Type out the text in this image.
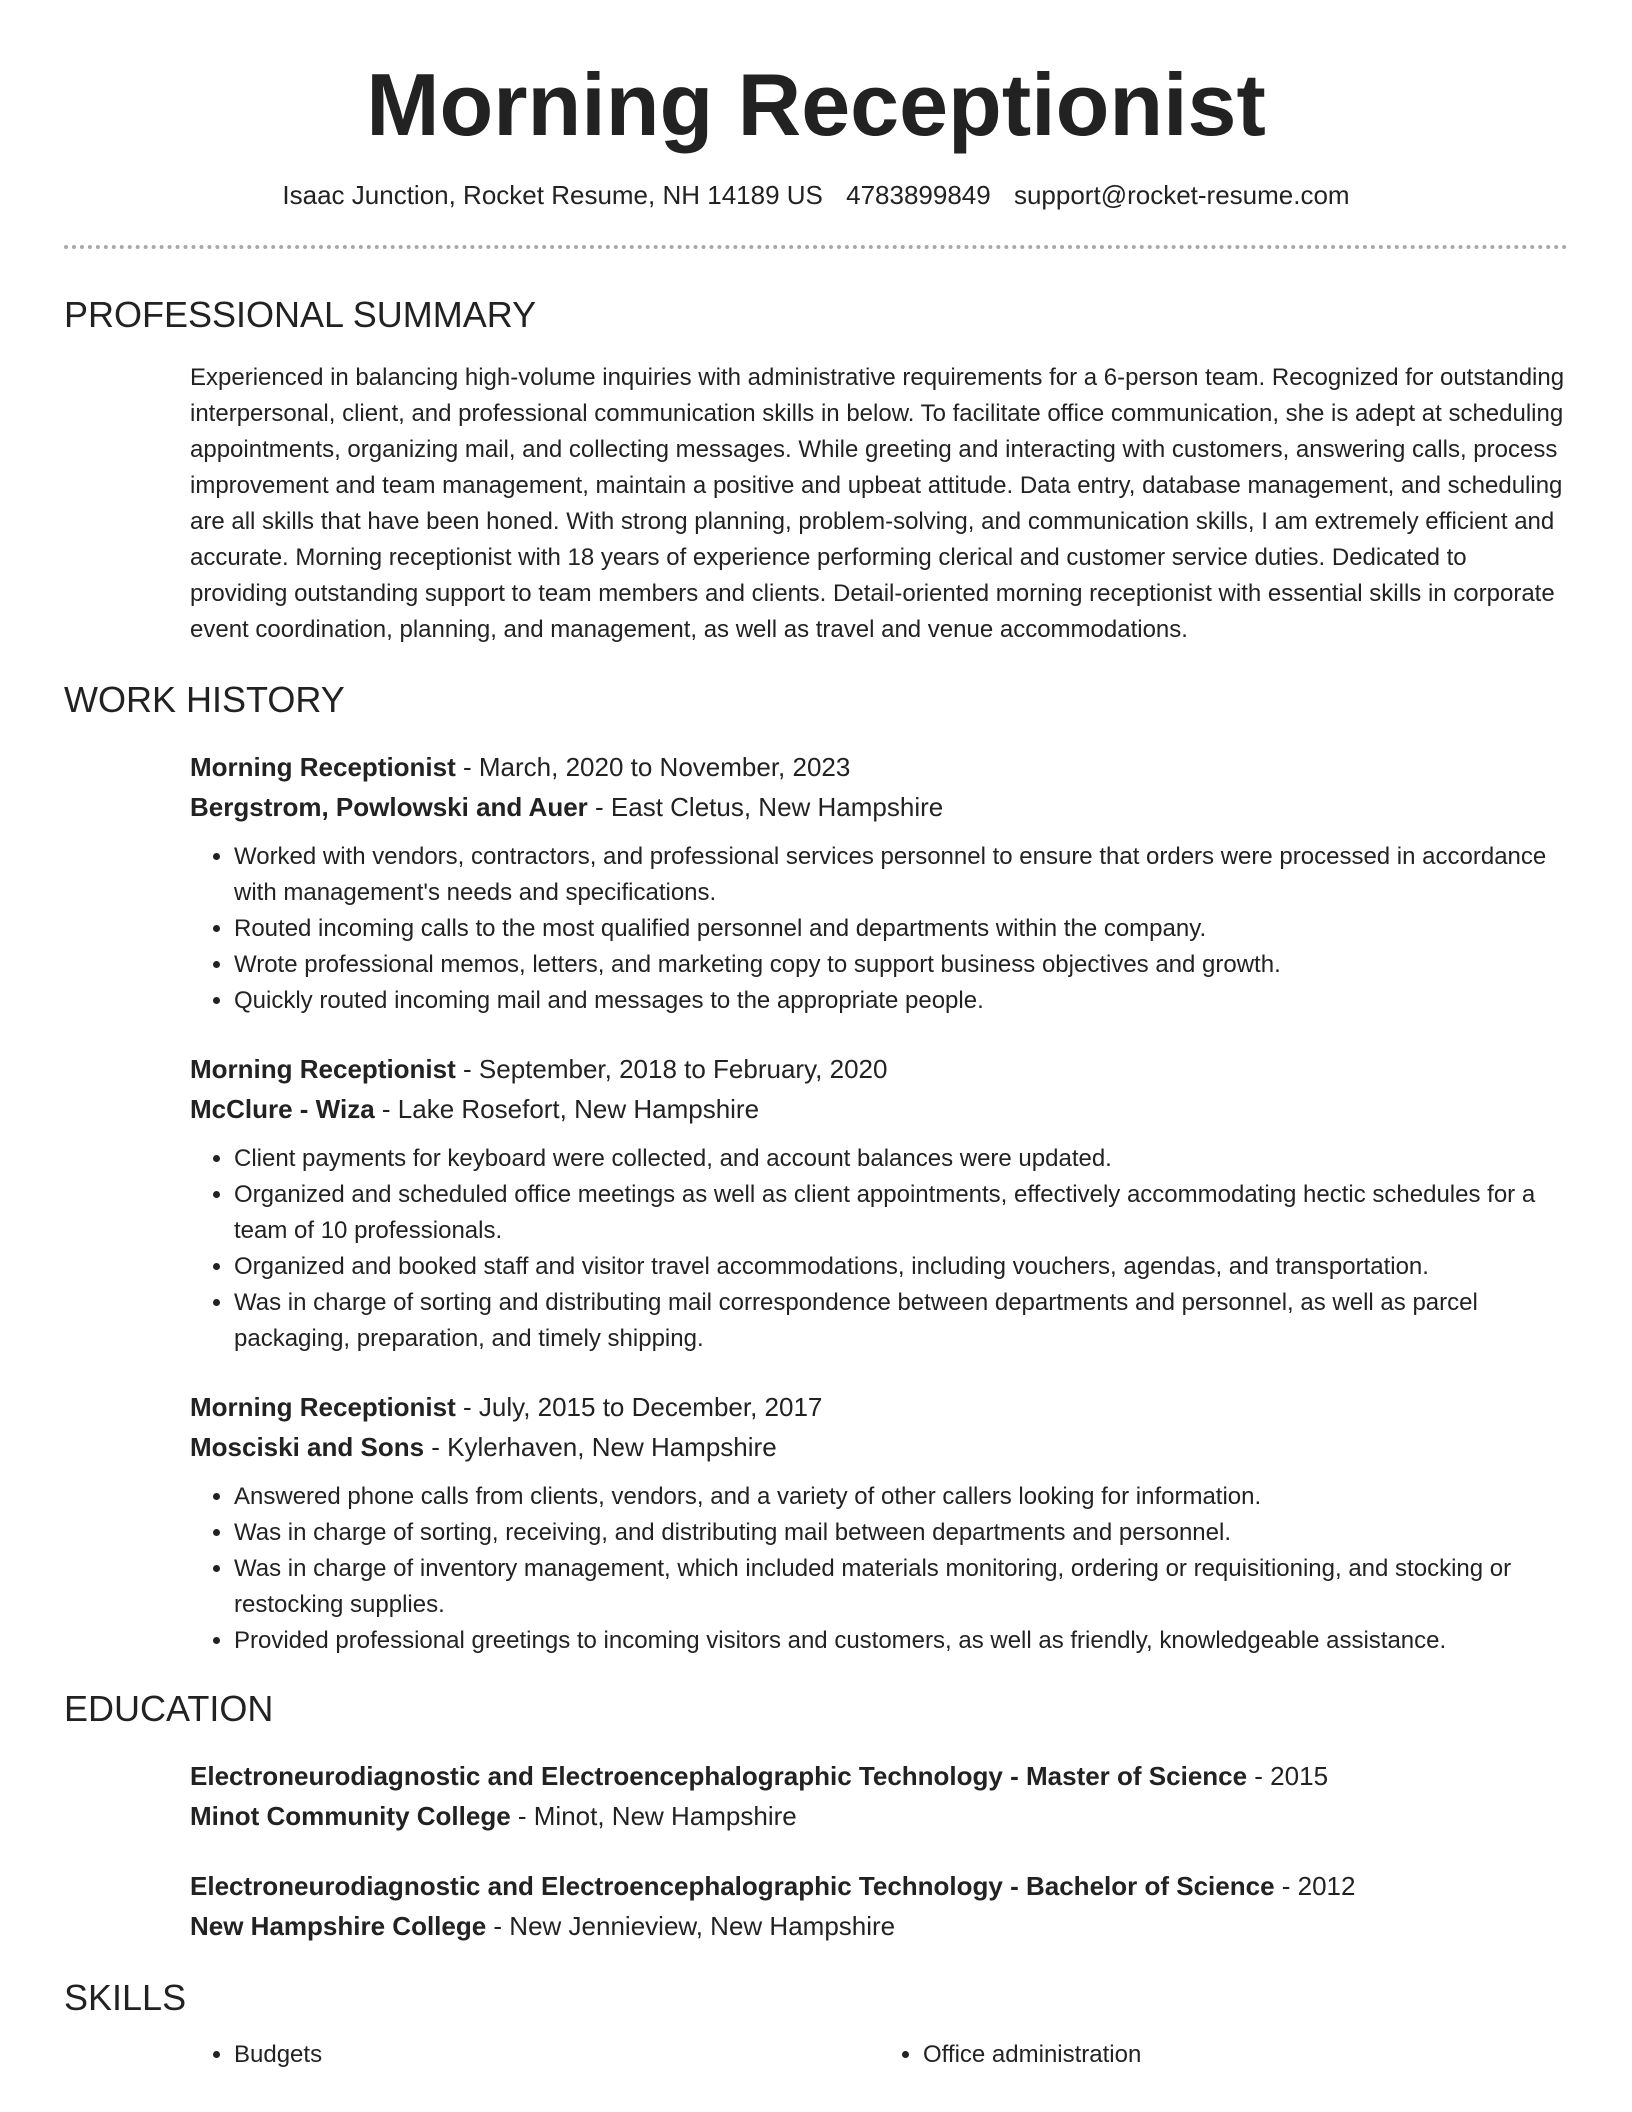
Morning Receptionist
Isaac Junction, Rocket Resume, NH 14189 US 4783899849 support@rocket-resume.com
PROFESSIONAL SUMMARY

Experienced in balancing high-volume inquiries with administrative requirements for a 6-person team. Recognized for outstanding interpersonal, client, and professional communication skills in below. To facilitate office communication, she is adept at scheduling appointments, organizing mail, and collecting messages. While greeting and interacting with customers, answering calls, process improvement and team management, maintain a positive and upbeat attitude. Data entry, database management, and scheduling are all skills that have been honed. With strong planning, problem-solving, and communication skills, I am extremely efficient and accurate. Morning receptionist with 18 years of experience performing clerical and customer service duties. Dedicated to providing outstanding support to team members and clients. Detail-oriented morning receptionist with essential skills in corporate event coordination, planning, and management, as well as travel and venue accommodations.

WORK HISTORY
Morning Receptionist - March, 2020 to November, 2023
Bergstrom, Powlowski and Auer - East Cletus, New Hampshire
• Worked with vendors, contractors, and professional services personnel to ensure that orders were processed in accordance with management's needs and specifications.
• Routed incoming calls to the most qualified personnel and departments within the company.
• Wrote professional memos, letters, and marketing copy to support business objectives and growth.
• Quickly routed incoming mail and messages to the appropriate people.
Morning Receptionist - September, 2018 to February, 2020
McClure - Wiza - Lake Rosefort, New Hampshire
• Client payments for keyboard were collected, and account balances were updated.
• Organized and scheduled office meetings as well as client appointments, effectively accommodating hectic schedules for a team of 10 professionals.
• Organized and booked staff and visitor travel accommodations, including vouchers, agendas, and transportation.
• Was in charge of sorting and distributing mail correspondence between departments and personnel, as well as parcel packaging, preparation, and timely shipping.
Morning Receptionist - July, 2015 to December, 2017
Mosciski and Sons - Kylerhaven, New Hampshire
• Answered phone calls from clients, vendors, and a variety of other callers looking for information.
• Was in charge of sorting, receiving, and distributing mail between departments and personnel.
• Was in charge of inventory management, which included materials monitoring, ordering or requisitioning, and stocking or restocking supplies.
• Provided professional greetings to incoming visitors and customers, as well as friendly, knowledgeable assistance.
EDUCATION
Electroneurodiagnostic and Electroencephalographic Technology - Master of Science - 2015
Minot Community College - Minot, New Hampshire
Electroneurodiagnostic and Electroencephalographic Technology - Bachelor of Science - 2012
New Hampshire College - New Jennieview, New Hampshire
SKILLS
• Budgets
•	Office administration
